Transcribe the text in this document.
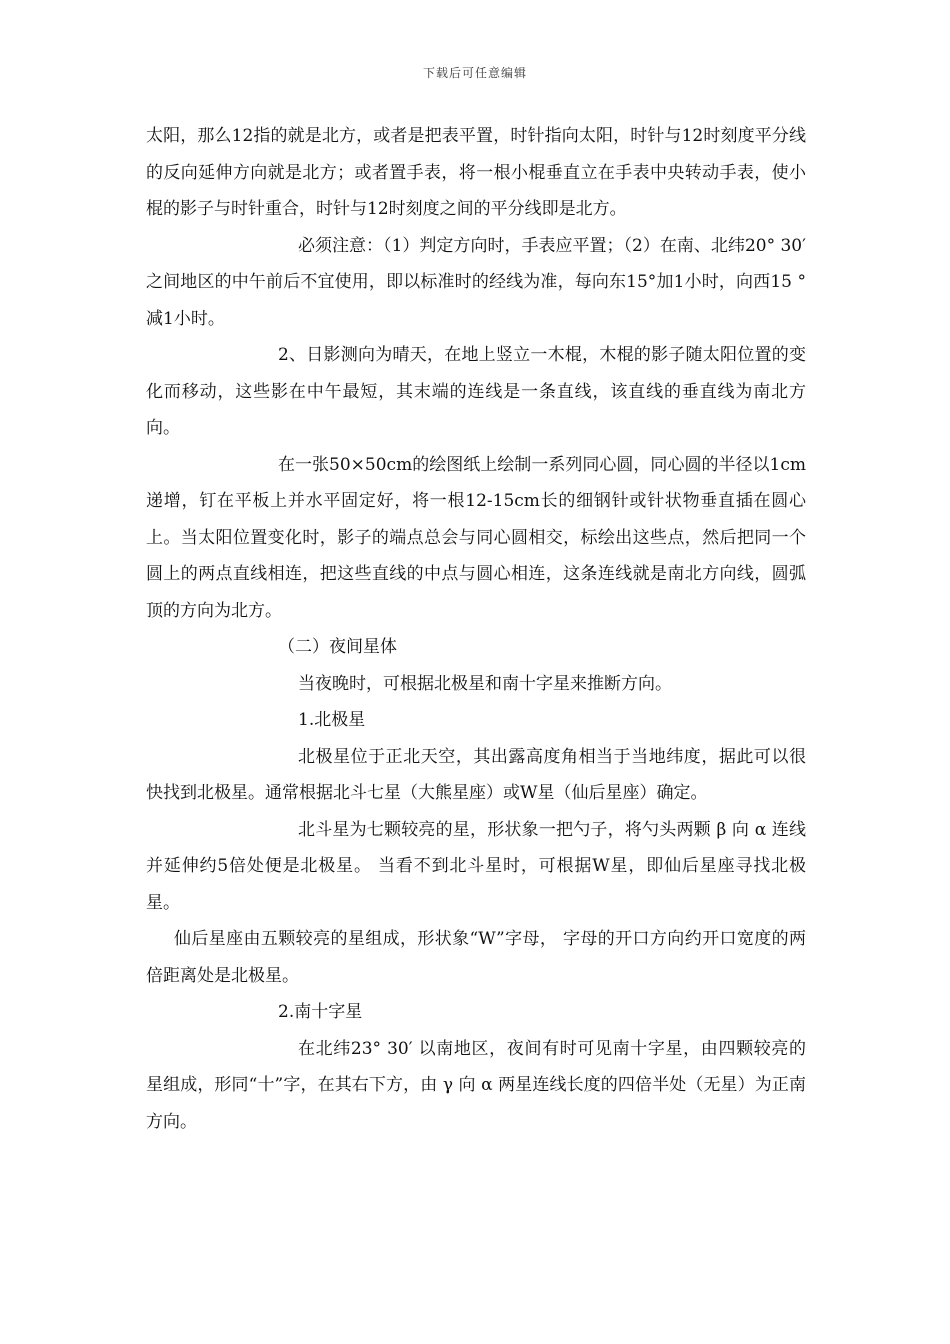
下载后可任意编辑

太阳，那么12指的就是北方，或者是把表平置，时针指向太阳，时针与12时刻度平分线的反向延伸方向就是北方；或者置手表，将一根小棍垂直立在手表中央转动手表，使小棍的影子与时针重合，时针与12时刻度之间的平分线即是北方。

必须注意：（1）判定方向时，手表应平置；（2）在南、北纬20° 30′ 之间地区的中午前后不宜使用，即以标准时的经线为准，每向东15°加1小时，向西15 ° 减1小时。

2、日影测向为晴天，在地上竖立一木棍，木棍的影子随太阳位置的变化而移动，这些影在中午最短，其末端的连线是一条直线，该直线的垂直线为南北方向。

在一张50×50cm的绘图纸上绘制一系列同心圆，同心圆的半径以1cm递增，钉在平板上并水平固定好，将一根12-15cm长的细钢针或针状物垂直插在圆心上。当太阳位置变化时，影子的端点总会与同心圆相交，标绘出这些点，然后把同一个圆上的两点直线相连，把这些直线的中点与圆心相连，这条连线就是南北方向线，圆弧顶的方向为北方。

（二）夜间星体

当夜晚时，可根据北极星和南十字星来推断方向。

1.北极星

北极星位于正北天空，其出露高度角相当于当地纬度，据此可以很快找到北极星。通常根据北斗七星（大熊星座）或W星（仙后星座）确定。

北斗星为七颗较亮的星，形状象一把勺子，将勺头两颗 β 向 α 连线并延伸约5倍处便是北极星。 当看不到北斗星时，可根据W星，即仙后星座寻找北极星。

仙后星座由五颗较亮的星组成，形状象“W”字母， 字母的开口方向约开口宽度的两倍距离处是北极星。

2.南十字星

在北纬23° 30′ 以南地区，夜间有时可见南十字星，由四颗较亮的星组成，形同“十”字，在其右下方，由 γ 向 α 两星连线长度的四倍半处（无星）为正南方向。
